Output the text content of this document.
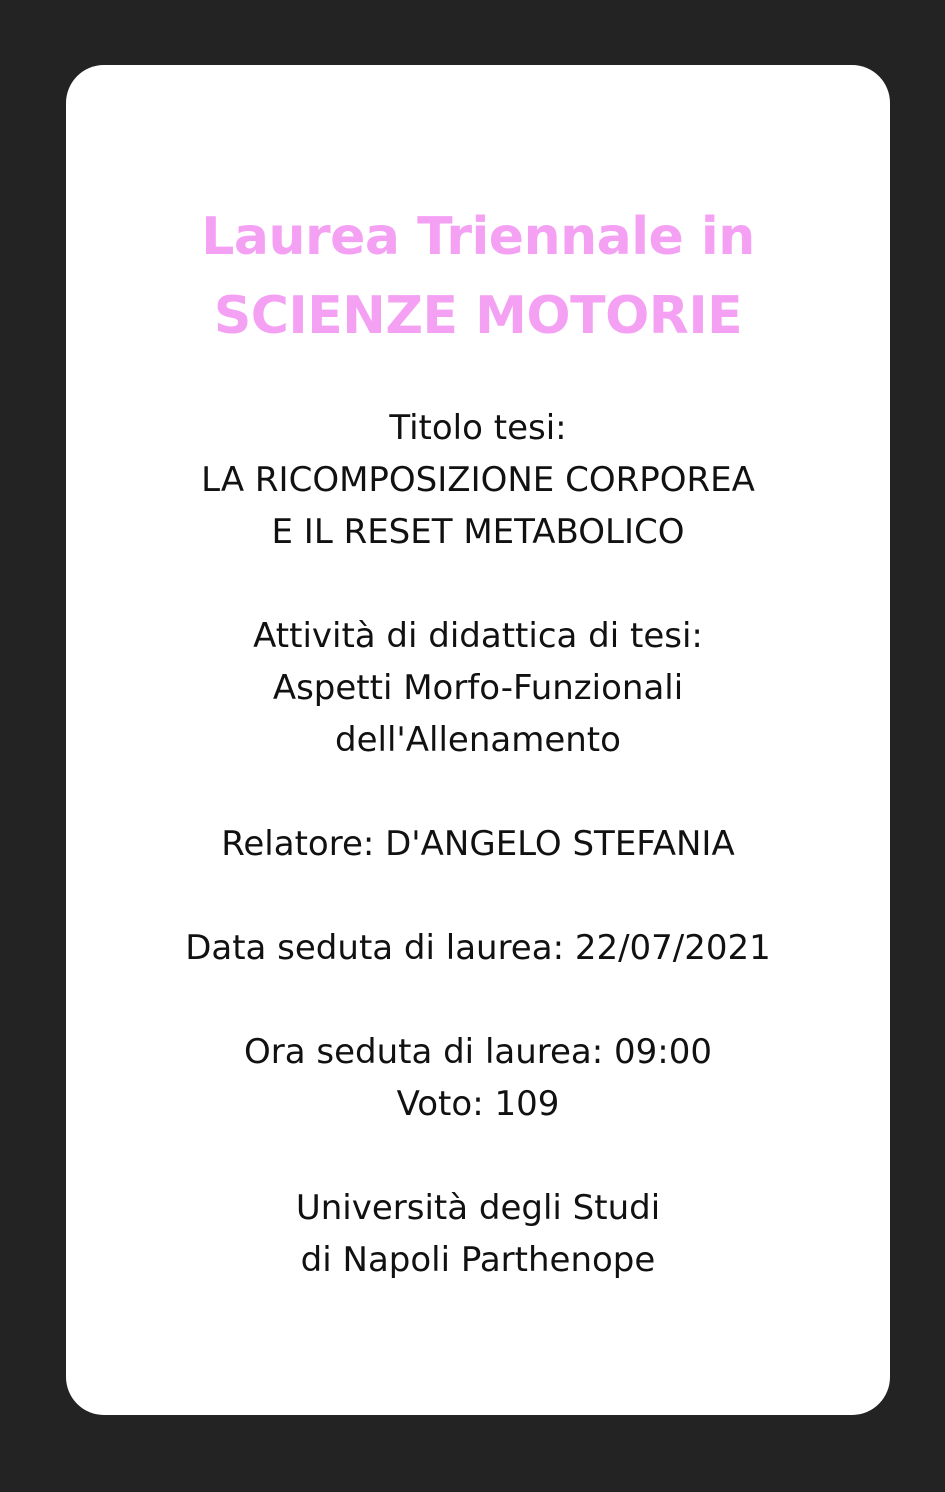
Laurea Triennale in
SCIENZE MOTORIE
Titolo tesi:
LA RICOMPOSIZIONE CORPOREA
E IL RESET METABOLICO
Attività di didattica di tesi:
Aspetti Morfo-Funzionali
dell'Allenamento
Relatore: D'ANGELO STEFANIA
Data seduta di laurea: 22/07/2021
Ora seduta di laurea: 09:00
Voto: 109
Università degli Studi
di Napoli Parthenope
